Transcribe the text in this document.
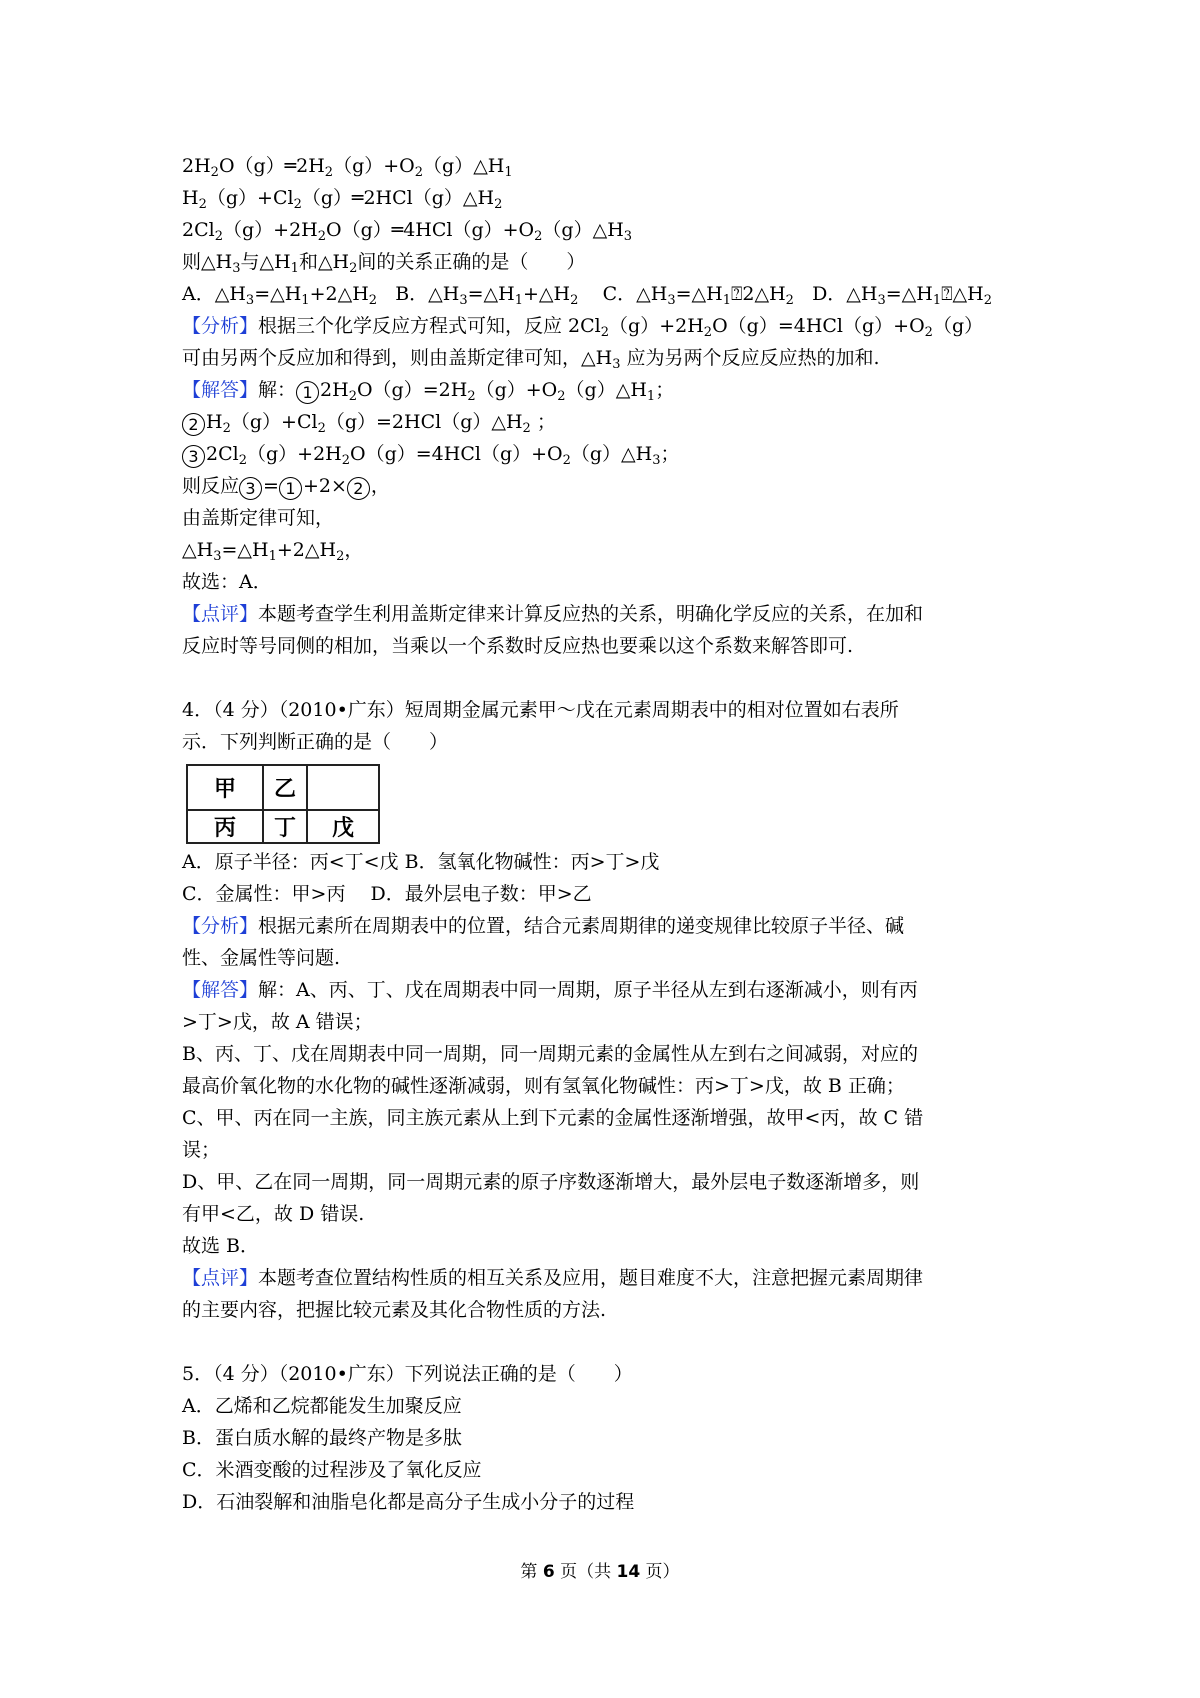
$2H_2O(g)═2H_2(g)+O_2(g)\triangle H_1$
$H_2(g)+Cl_2(g)═2HCl(g)\triangle H_2$
$2Cl_2(g)+2H_2O(g)═4HCl(g)+O_2(g)\triangle H_3$
则$\triangle H_3$与$\triangle H_1$和$\triangle H_2$间的关系正确的是（　　）
A．$\triangle H_3=\triangle H_1+2\triangle H_2$ B．$\triangle H_3=\triangle H_1+\triangle H_2$ C．$\triangle H_3=\triangle H_1⍰2\triangle H_2$ D．$\triangle H_3=\triangle H_1⍰\triangle H_2$
【分析】根据三个化学反应方程式可知，反应 $2Cl_2(g)+2H_2O(g)=4HCl(g)+O_2(g)$
可由另两个反应加和得到，则由盖斯定律可知，$\triangle H_3$ 应为另两个反应反应热的加和.
【解答】解： 1 $2H_2O(g)=2H_2(g)+O_2(g)\triangle H_1$；
2 $H_2(g)+Cl_2(g)=2HCl(g)\triangle H_2$ ；
3 $2Cl_2(g)+2H_2O(g)=4HCl(g)+O_2(g)\triangle H_3$；
则反应 3 = 1 +2× 2 ，
由盖斯定律可知，
$\triangle H_3=\triangle H_1+2\triangle H_2$，
故选：A．
【点评】本题考查学生利用盖斯定律来计算反应热的关系，明确化学反应的关系，在加和
反应时等号同侧的相加，当乘以一个系数时反应热也要乘以这个系数来解答即可.
4．（4 分）（2010•广东）短周期金属元素甲～戊在元素周期表中的相对位置如右表所
示．下列判断正确的是（　　）
甲	乙	
丙	丁	戊
A．原子半径：丙<丁<戊 B．氢氧化物碱性：丙>丁>戊
C．金属性：甲>丙　 D．最外层电子数：甲>乙
【分析】根据元素所在周期表中的位置，结合元素周期律的递变规律比较原子半径、碱
性、金属性等问题.
【解答】解：A、丙、丁、戊在周期表中同一周期，原子半径从左到右逐渐减小，则有丙
>丁>戊，故 A 错误；
B、丙、丁、戊在周期表中同一周期，同一周期元素的金属性从左到右之间减弱，对应的
最高价氧化物的水化物的碱性逐渐减弱，则有氢氧化物碱性：丙>丁>戊，故 B 正确；
C、甲、丙在同一主族，同主族元素从上到下元素的金属性逐渐增强，故甲<丙，故 C 错
误；
D、甲、乙在同一周期，同一周期元素的原子序数逐渐增大，最外层电子数逐渐增多，则
有甲<乙，故 D 错误.
故选 B．
【点评】本题考查位置结构性质的相互关系及应用，题目难度不大，注意把握元素周期律
的主要内容，把握比较元素及其化合物性质的方法.
5．（4 分）（2010•广东）下列说法正确的是（　　）
A．乙烯和乙烷都能发生加聚反应
B．蛋白质水解的最终产物是多肽
C．米酒变酸的过程涉及了氧化反应
D．石油裂解和油脂皂化都是高分子生成小分子的过程
第 6 页（共 14 页）
